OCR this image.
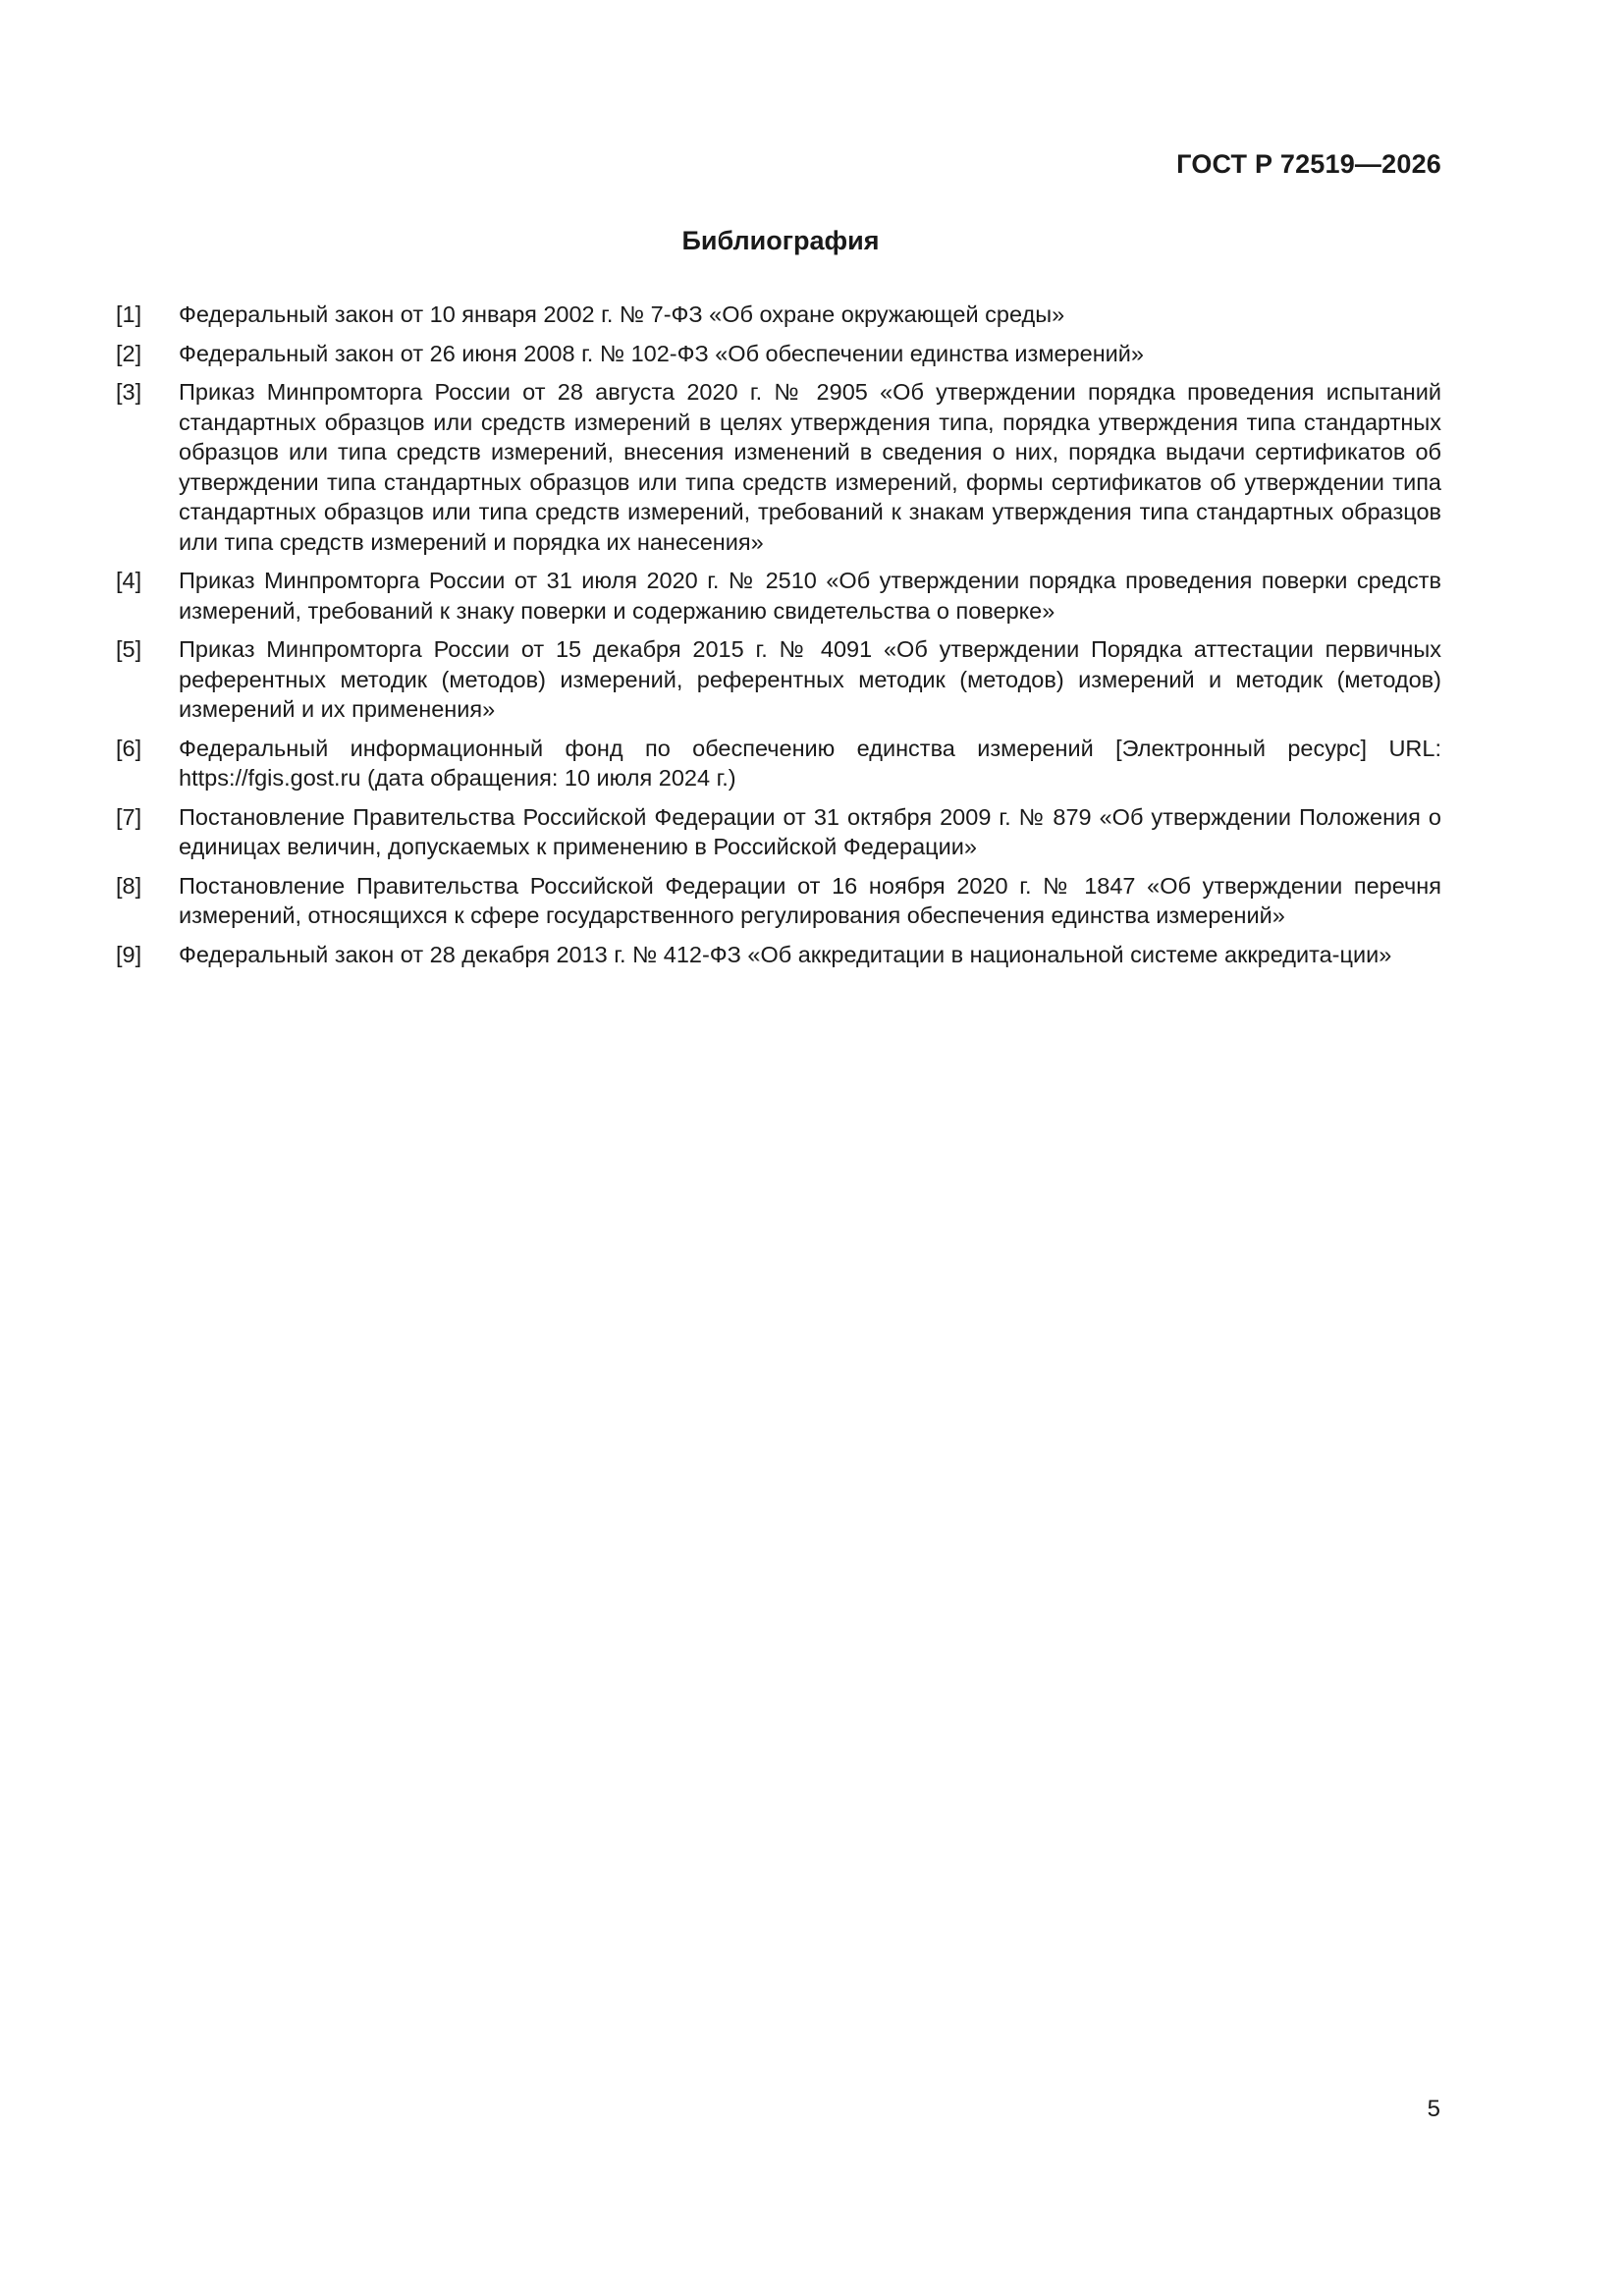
ГОСТ Р 72519—2026
Библиография
[1]	Федеральный закон от 10 января 2002 г. № 7-ФЗ «Об охране окружающей среды»
[2]	Федеральный закон от 26 июня 2008 г. № 102-ФЗ «Об обеспечении единства измерений»
[3]	Приказ Минпромторга России от 28 августа 2020 г. № 2905 «Об утверждении порядка проведения испытаний стандартных образцов или средств измерений в целях утверждения типа, порядка утверждения типа стандартных образцов или типа средств измерений, внесения изменений в сведения о них, порядка выдачи сертификатов об утверждении типа стандартных образцов или типа средств измерений, формы сертификатов об утверждении типа стандартных образцов или типа средств измерений, требований к знакам утверждения типа стандартных образцов или типа средств измерений и порядка их нанесения»
[4]	Приказ Минпромторга России от 31 июля 2020 г. № 2510 «Об утверждении порядка проведения поверки средств измерений, требований к знаку поверки и содержанию свидетельства о поверке»
[5]	Приказ Минпромторга России от 15 декабря 2015 г. № 4091 «Об утверждении Порядка аттестации первичных референтных методик (методов) измерений, референтных методик (методов) измерений и методик (методов) измерений и их применения»
[6]	Федеральный информационный фонд по обеспечению единства измерений [Электронный ресурс] URL: https://fgis.gost.ru (дата обращения: 10 июля 2024 г.)
[7]	Постановление Правительства Российской Федерации от 31 октября 2009 г. № 879 «Об утверждении Положения о единицах величин, допускаемых к применению в Российской Федерации»
[8]	Постановление Правительства Российской Федерации от 16 ноября 2020 г. № 1847 «Об утверждении перечня измерений, относящихся к сфере государственного регулирования обеспечения единства измерений»
[9]	Федеральный закон от 28 декабря 2013 г. № 412-ФЗ «Об аккредитации в национальной системе аккредита-ции»
5
